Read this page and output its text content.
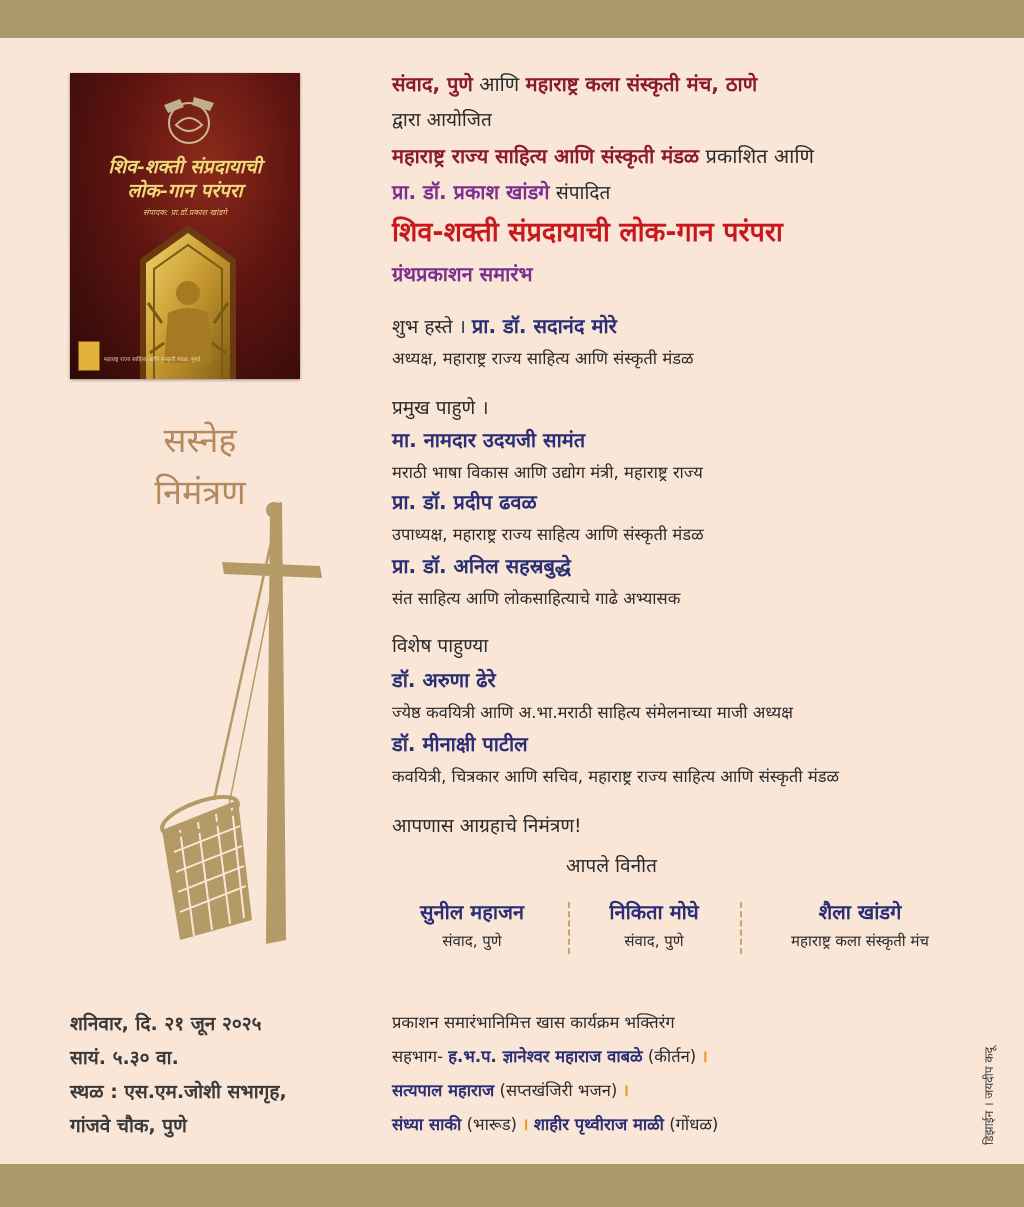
शिव-शक्ती संप्रदायाची
लोक-गान परंपरा
संपादक: प्रा.डॉ.प्रकाश खांडगे
महाराष्ट्र राज्य साहित्य आणि संस्कृती मंडळ, मुंबई
सस्नेह
निमंत्रण
संवाद, पुणे आणि महाराष्ट्र कला संस्कृती मंच, ठाणे
द्वारा आयोजित
महाराष्ट्र राज्य साहित्य आणि संस्कृती मंडळ प्रकाशित आणि
प्रा. डॉ. प्रकाश खांडगे संपादित
शिव-शक्ती संप्रदायाची लोक-गान परंपरा
ग्रंथप्रकाशन समारंभ
शुभ हस्ते । प्रा. डॉ. सदानंद मोरे
अध्यक्ष, महाराष्ट्र राज्य साहित्य आणि संस्कृती मंडळ
प्रमुख पाहुणे ।
मा. नामदार उदयजी सामंत
मराठी भाषा विकास आणि उद्योग मंत्री, महाराष्ट्र राज्य
प्रा. डॉ. प्रदीप ढवळ
उपाध्यक्ष, महाराष्ट्र राज्य साहित्य आणि संस्कृती मंडळ
प्रा. डॉ. अनिल सहस्रबुद्धे
संत साहित्य आणि लोकसाहित्याचे गाढे अभ्यासक
विशेष पाहुण्या
डॉ. अरुणा ढेरे
ज्येष्ठ कवयित्री आणि अ.भा.मराठी साहित्य संमेलनाच्या माजी अध्यक्ष
डॉ. मीनाक्षी पाटील
कवयित्री, चित्रकार आणि सचिव, महाराष्ट्र राज्य साहित्य आणि संस्कृती मंडळ
आपणास आग्रहाचे निमंत्रण!
आपले विनीत
सुनील महाजन
संवाद, पुणे
निकिता मोघे
संवाद, पुणे
शैला खांडगे
महाराष्ट्र कला संस्कृती मंच
शनिवार, दि. २१ जून २०२५
सायं. ५.३० वा.
स्थळ : एस.एम.जोशी सभागृह,
गांजवे चौक, पुणे
प्रकाशन समारंभानिमित्त खास कार्यक्रम भक्तिरंग
सहभाग- ह.भ.प. ज्ञानेश्वर महाराज वाबळे (कीर्तन) ।
सत्यपाल महाराज (सप्तखंजिरी भजन) ।
संध्या साकी (भारूड) । शाहीर पृथ्वीराज माळी (गोंधळ)	डिझाईन । जयदीप कदू
